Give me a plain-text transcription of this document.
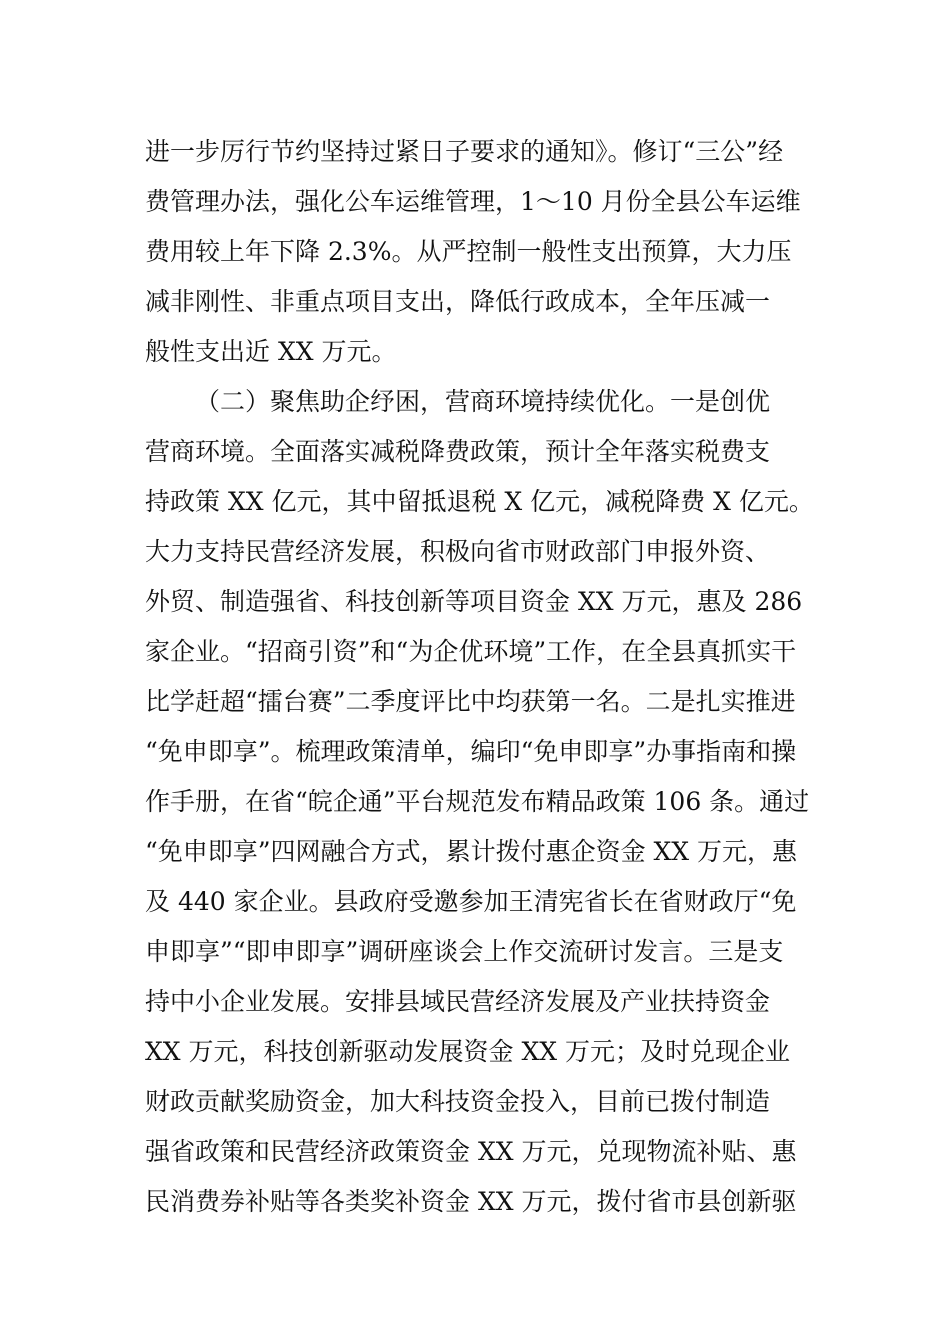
进一步厉行节约坚持过紧日子要求的通知》。修订“三公”经
费管理办法，强化公车运维管理，1～10 月份全县公车运维
费用较上年下降 2.3%。从严控制一般性支出预算，大力压
减非刚性、非重点项目支出，降低行政成本，全年压减一
般性支出近 XX 万元。
（二）聚焦助企纾困，营商环境持续优化。一是创优
营商环境。全面落实减税降费政策，预计全年落实税费支
持政策 XX 亿元，其中留抵退税 X 亿元，减税降费 X 亿元。
大力支持民营经济发展，积极向省市财政部门申报外资、
外贸、制造强省、科技创新等项目资金 XX 万元，惠及 286
家企业。“招商引资”和“为企优环境”工作，在全县真抓实干
比学赶超“擂台赛”二季度评比中均获第一名。二是扎实推进
“免申即享”。梳理政策清单，编印“免申即享”办事指南和操
作手册，在省“皖企通”平台规范发布精品政策 106 条。通过
“免申即享”四网融合方式，累计拨付惠企资金 XX 万元，惠
及 440 家企业。县政府受邀参加王清宪省长在省财政厅“免
申即享”“即申即享”调研座谈会上作交流研讨发言。三是支
持中小企业发展。安排县域民营经济发展及产业扶持资金
XX 万元，科技创新驱动发展资金 XX 万元；及时兑现企业
财政贡献奖励资金，加大科技资金投入，目前已拨付制造
强省政策和民营经济政策资金 XX 万元，兑现物流补贴、惠
民消费券补贴等各类奖补资金 XX 万元，拨付省市县创新驱
